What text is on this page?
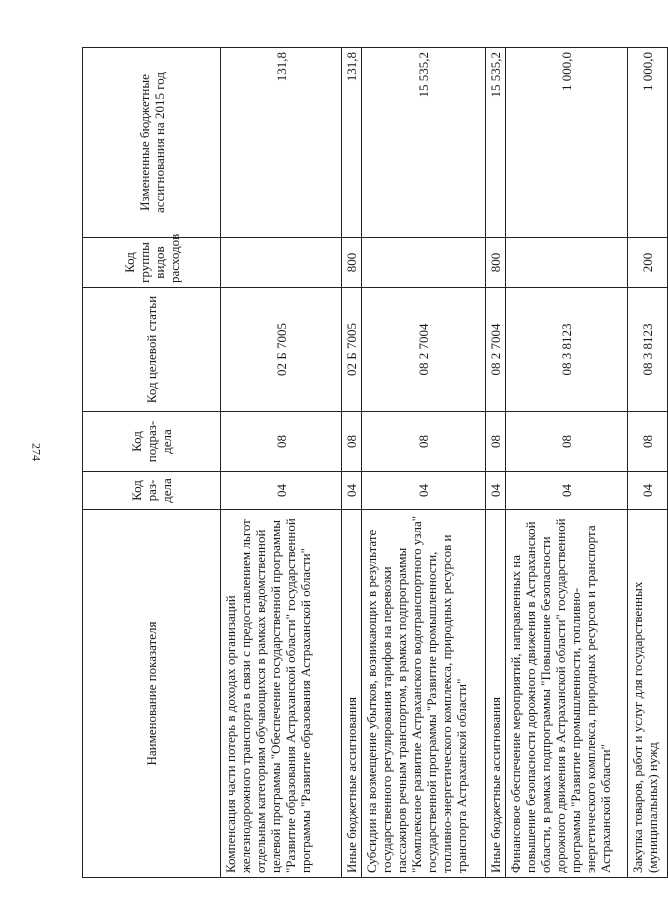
274
Наименование показателя	Код раз-дела	Код подраз-дела	Код целевой статьи	Код группы видов расходов	Измененные бюджетные ассигнования на 2015 год
Компенсация части потерь в доходах организаций железнодорожного транспорта в связи с предоставлением льгот отдельным категориям обучающихся в рамках ведомственной целевой программы "Обеспечение государственной программы "Развитие образования Астраханской области" государственной программы "Развитие образования Астраханской области"	04	08	02 Б 7005		131,8
Иные бюджетные ассигнования	04	08	02 Б 7005	800	131,8
Субсидии на возмещение убытков, возникающих в результате государственного регулирования тарифов на перевозки пассажиров речным транспортом, в рамках подпрограммы "Комплексное развитие Астраханского водотранспортного узла" государственной программы "Развитие промышленности, топливно-энергетического комплекса, природных ресурсов и транспорта Астраханской области"	04	08	08 2 7004		15 535,2
Иные бюджетные ассигнования	04	08	08 2 7004	800	15 535,2
Финансовое обеспечение мероприятий, направленных на повышение безопасности дорожного движения в Астраханской области, в рамках подпрограммы "Повышение безопасности дорожного движения в Астраханской области" государственной программы "Развитие промышленности, топливно-энергетического комплекса, природных ресурсов и транспорта Астраханской области"	04	08	08 3 8123		1 000,0
Закупка товаров, работ и услуг для государственных (муниципальных) нужд	04	08	08 3 8123	200	1 000,0
